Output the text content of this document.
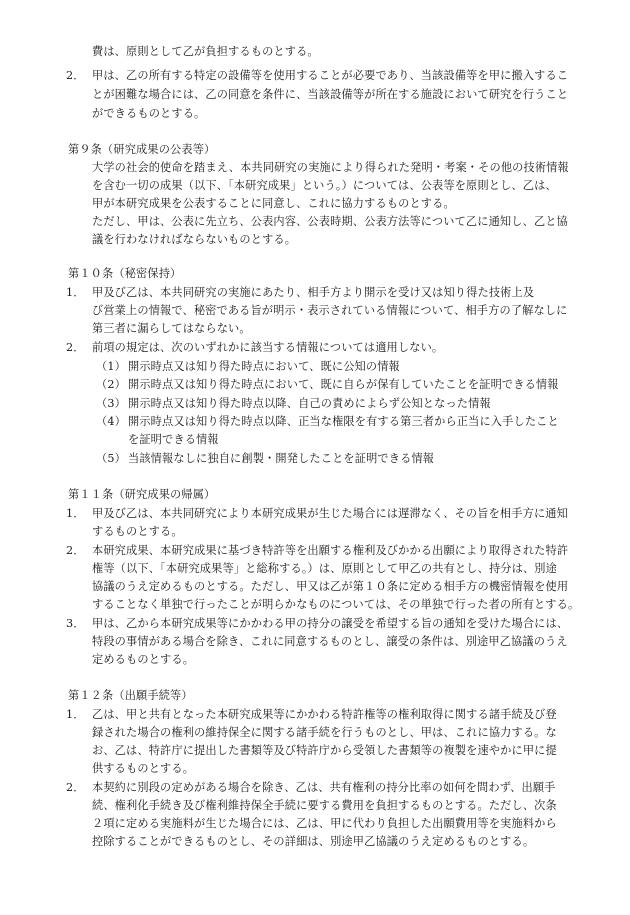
費は、原則として乙が負担するものとする。
2． 甲は、乙の所有する特定の設備等を使用することが必要であり、当該設備等を甲に搬入するこ
とが困難な場合には、乙の同意を条件に、当該設備等が所在する施設において研究を行うこと
ができるものとする。
第９条（研究成果の公表等）
大学の社会的使命を踏まえ、本共同研究の実施により得られた発明・考案・その他の技術情報
を含む一切の成果（以下、「本研究成果」という。）については、公表等を原則とし、乙は、
甲が本研究成果を公表することに同意し、これに協力するものとする。
ただし、甲は、公表に先立ち、公表内容、公表時期、公表方法等について乙に通知し、乙と協
議を行わなければならないものとする。
第１０条（秘密保持）
1． 甲及び乙は、本共同研究の実施にあたり、相手方より開示を受け又は知り得た技術上及
び営業上の情報で、秘密である旨が明示・表示されている情報について、相手方の了解なしに
第三者に漏らしてはならない。
2． 前項の規定は、次のいずれかに該当する情報については適用しない。
（1） 開示時点又は知り得た時点において、既に公知の情報
（2） 開示時点又は知り得た時点において、既に自らが保有していたことを証明できる情報
（3） 開示時点又は知り得た時点以降、自己の責めによらず公知となった情報
（4） 開示時点又は知り得た時点以降、正当な権限を有する第三者から正当に入手したこと
を証明できる情報
（5） 当該情報なしに独自に創製・開発したことを証明できる情報
第１１条（研究成果の帰属）
1． 甲及び乙は、本共同研究により本研究成果が生じた場合には遅滞なく、その旨を相手方に通知
するものとする。
2． 本研究成果、本研究成果に基づき特許等を出願する権利及びかかる出願により取得された特許
権等（以下、「本研究成果等」と総称する。）は、原則として甲乙の共有とし、持分は、別途
協議のうえ定めるものとする。ただし、甲又は乙が第１０条に定める相手方の機密情報を使用
することなく単独で行ったことが明らかなものについては、その単独で行った者の所有とする。
3． 甲は、乙から本研究成果等にかかわる甲の持分の譲受を希望する旨の通知を受けた場合には、
特段の事情がある場合を除き、これに同意するものとし、譲受の条件は、別途甲乙協議のうえ
定めるものとする。
第１２条（出願手続等）
1． 乙は、甲と共有となった本研究成果等にかかわる特許権等の権利取得に関する諸手続及び登
録された場合の権利の維持保全に関する諸手続を行うものとし、甲は、これに協力する。な
お、乙は、特許庁に提出した書類等及び特許庁から受領した書類等の複製を速やかに甲に提
供するものとする。
2． 本契約に別段の定めがある場合を除き、乙は、共有権利の持分比率の如何を問わず、出願手
続、権利化手続き及び権利維持保全手続に要する費用を負担するものとする。ただし、次条
２項に定める実施料が生じた場合には、乙は、甲に代わり負担した出願費用等を実施料から
控除することができるものとし、その詳細は、別途甲乙協議のうえ定めるものとする。
